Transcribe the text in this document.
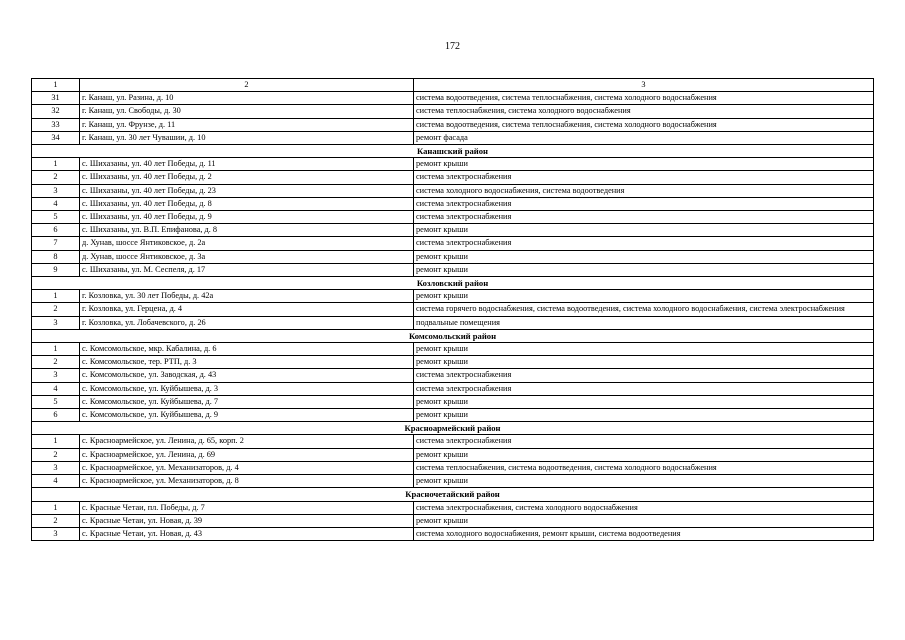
172
1	2	3
31	г. Канаш, ул. Разина, д. 10	система водоотведения, система теплоснабжения, система холодного водоснабжения
32	г. Канаш, ул. Свободы, д. 30	система теплоснабжения, система холодного водоснабжения
33	г. Канаш, ул. Фрунзе, д. 11	система водоотведения, система теплоснабжения, система холодного водоснабжения
34	г. Канаш, ул. 30 лет Чувашии, д. 10	ремонт фасада
Канашский район		
1	с. Шихазаны, ул. 40 лет Победы, д. 11	ремонт крыши
2	с. Шихазаны, ул. 40 лет Победы, д. 2	система электроснабжения
3	с. Шихазаны, ул. 40 лет Победы, д. 23	система холодного водоснабжения, система водоотведения
4	с. Шихазаны, ул. 40 лет Победы, д. 8	система электроснабжения
5	с. Шихазаны, ул. 40 лет Победы, д. 9	система электроснабжения
6	с. Шихазаны, ул. В.П. Епифанова, д. 8	ремонт крыши
7	д. Хунав, шоссе Янтиковское, д. 2а	система электроснабжения
8	д. Хунав, шоссе Янтиковское, д. 3а	ремонт крыши
9	с. Шихазаны, ул. М. Сеспеля, д. 17	ремонт крыши
Козловский район		
1	г. Козловка, ул. 30 лет Победы, д. 42а	ремонт крыши
2	г. Козловка, ул. Герцена, д. 4	система горячего водоснабжения, система водоотведения, система холодного водоснабжения, система электроснабжения
3	г. Козловка, ул. Лобачевского, д. 26	подвальные помещения
Комсомольский район		
1	с. Комсомольское, мкр. Кабалина, д. 6	ремонт крыши
2	с. Комсомольское, тер. РТП, д. 3	ремонт крыши
3	с. Комсомольское, ул. Заводская, д. 43	система электроснабжения
4	с. Комсомольское, ул. Куйбышева, д. 3	система электроснабжения
5	с. Комсомольское, ул. Куйбышева, д. 7	ремонт крыши
6	с. Комсомольское, ул. Куйбышева, д. 9	ремонт крыши
Красноармейский район		
1	с. Красноармейское, ул. Ленина, д. 65, корп. 2	система электроснабжения
2	с. Красноармейское, ул. Ленина, д. 69	ремонт крыши
3	с. Красноармейское, ул. Механизаторов, д. 4	система теплоснабжения, система водоотведения, система холодного водоснабжения
4	с. Красноармейское, ул. Механизаторов, д. 8	ремонт крыши
Красночетайский район		
1	с. Красные Четаи, пл. Победы, д. 7	система электроснабжения, система холодного водоснабжения
2	с. Красные Четаи, ул. Новая, д. 39	ремонт крыши
3	с. Красные Четаи, ул. Новая, д. 43	система холодного водоснабжения, ремонт крыши, система водоотведения
